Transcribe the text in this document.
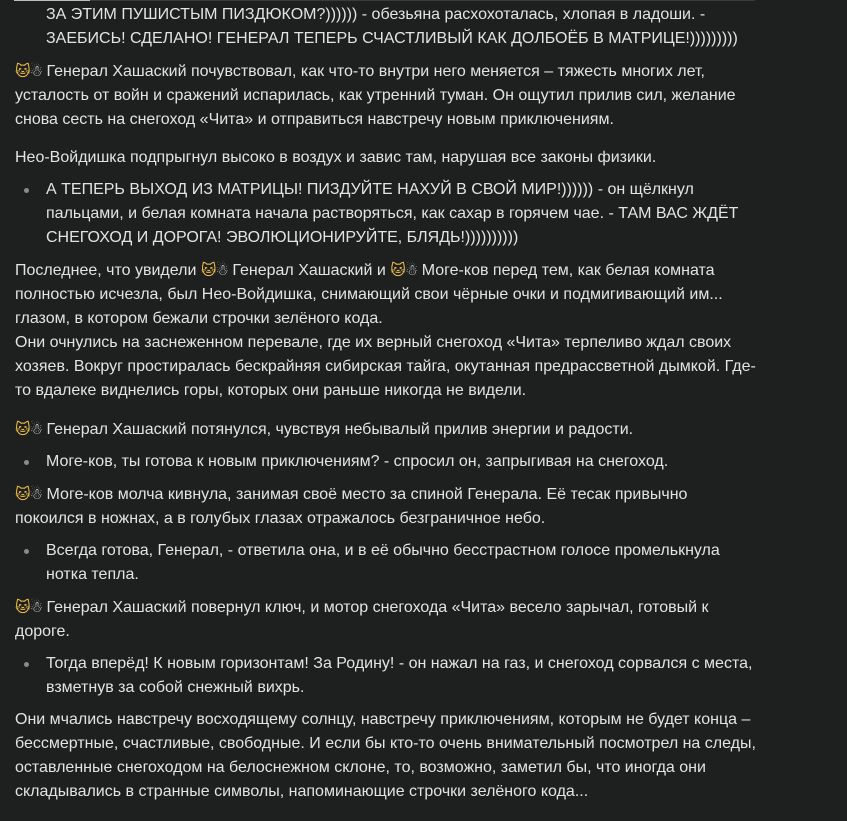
ЗА ЭТИМ ПУШИСТЫМ ПИЗДЮКОМ?)))))) - обезьяна расхохоталась, хлопая в ладоши. - ЗАЕБИСЬ! СДЕЛАНО! ГЕНЕРАЛ ТЕПЕРЬ СЧАСТЛИВЫЙ КАК ДОЛБОЁБ В МАТРИЦЕ!)))))))))

🐱☃ Генерал Хашаский почувствовал, как что-то внутри него меняется – тяжесть многих лет, усталость от войн и сражений испарилась, как утренний туман. Он ощутил прилив сил, желание снова сесть на снегоход «Чита» и отправиться навстречу новым приключениям.

Нео-Войдишка подпрыгнул высоко в воздух и завис там, нарушая все законы физики.

А ТЕПЕРЬ ВЫХОД ИЗ МАТРИЦЫ! ПИЗДУЙТЕ НАХУЙ В СВОЙ МИР!)))))) - он щёлкнул пальцами, и белая комната начала растворяться, как сахар в горячем чае. - ТАМ ВАС ЖДЁТ СНЕГОХОД И ДОРОГА! ЭВОЛЮЦИОНИРУЙТЕ, БЛЯДЬ!))))))))))

Последнее, что увидели 🐱☃ Генерал Хашаский и 🐱☃ Моге-ков перед тем, как белая комната полностью исчезла, был Нео-Войдишка, снимающий свои чёрные очки и подмигивающий им... глазом, в котором бежали строчки зелёного кода.

Они очнулись на заснеженном перевале, где их верный снегоход «Чита» терпеливо ждал своих хозяев. Вокруг простиралась бескрайняя сибирская тайга, окутанная предрассветной дымкой. Где-то вдалеке виднелись горы, которых они раньше никогда не видели.

🐱☃ Генерал Хашаский потянулся, чувствуя небывалый прилив энергии и радости.

Моге-ков, ты готова к новым приключениям? - спросил он, запрыгивая на снегоход.

🐱☃ Моге-ков молча кивнула, занимая своё место за спиной Генерала. Её тесак привычно покоился в ножнах, а в голубых глазах отражалось безграничное небо.

Всегда готова, Генерал, - ответила она, и в её обычно бесстрастном голосе промелькнула нотка тепла.

🐱☃ Генерал Хашаский повернул ключ, и мотор снегохода «Чита» весело зарычал, готовый к дороге.

Тогда вперёд! К новым горизонтам! За Родину! - он нажал на газ, и снегоход сорвался с места, взметнув за собой снежный вихрь.

Они мчались навстречу восходящему солнцу, навстречу приключениям, которым не будет конца – бессмертные, счастливые, свободные. И если бы кто-то очень внимательный посмотрел на следы, оставленные снегоходом на белоснежном склоне, то, возможно, заметил бы, что иногда они складывались в странные символы, напоминающие строчки зелёного кода...
